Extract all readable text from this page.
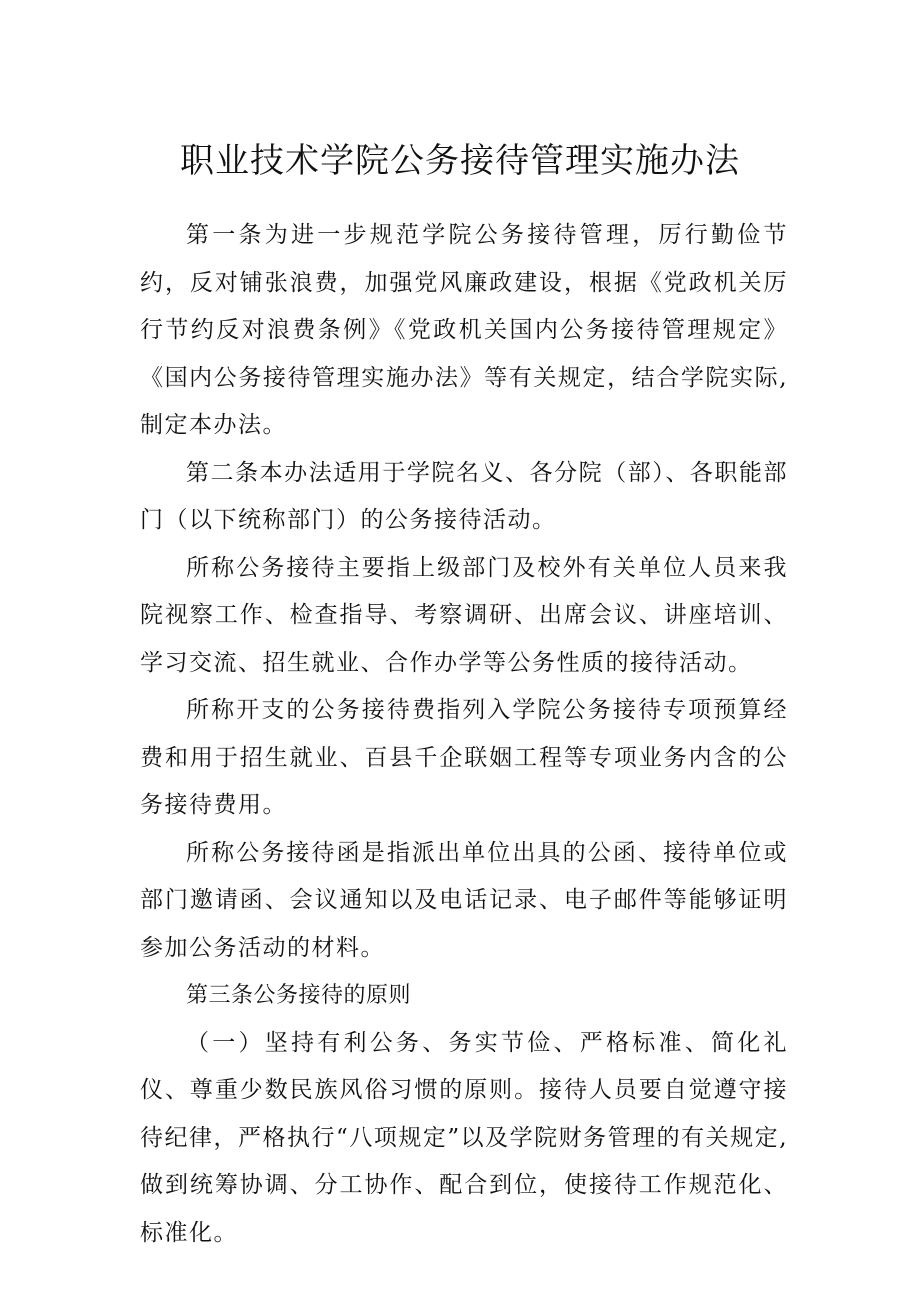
职业技术学院公务接待管理实施办法

第一条为进一步规范学院公务接待管理，厉行勤俭节约，反对铺张浪费，加强党风廉政建设，根据《党政机关厉行节约反对浪费条例》《党政机关国内公务接待管理规定》《国内公务接待管理实施办法》等有关规定，结合学院实际,制定本办法。

第二条本办法适用于学院名义、各分院（部）、各职能部门（以下统称部门）的公务接待活动。

所称公务接待主要指上级部门及校外有关单位人员来我院视察工作、检查指导、考察调研、出席会议、讲座培训、学习交流、招生就业、合作办学等公务性质的接待活动。

所称开支的公务接待费指列入学院公务接待专项预算经费和用于招生就业、百县千企联姻工程等专项业务内含的公务接待费用。

所称公务接待函是指派出单位出具的公函、接待单位或部门邀请函、会议通知以及电话记录、电子邮件等能够证明参加公务活动的材料。

第三条公务接待的原则

（一）坚持有利公务、务实节俭、严格标准、简化礼仪、尊重少数民族风俗习惯的原则。接待人员要自觉遵守接待纪律，严格执行“八项规定”以及学院财务管理的有关规定,做到统筹协调、分工协作、配合到位，使接待工作规范化、标准化。
